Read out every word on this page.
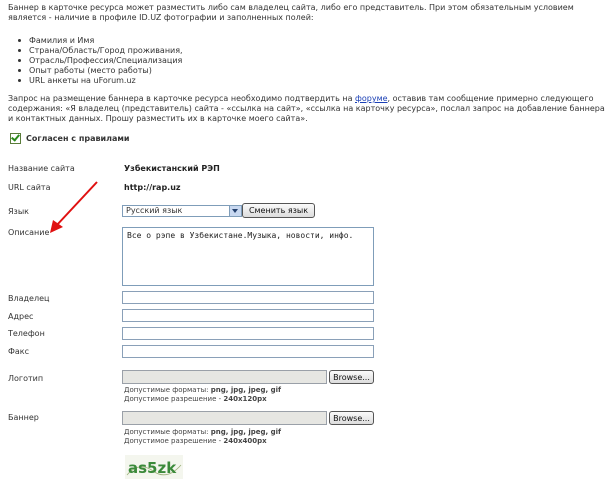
Баннер в карточке ресурса может разместить либо сам владелец сайта, либо его представитель. При этом обязательным условием является - наличие в профиле ID.UZ фотографии и заполненных полей:

Фамилия и Имя
Страна/Область/Город проживания,
Отрасль/Профессия/Специализация
Опыт работы (место работы)
URL анкеты на uForum.uz

Запрос на размещение баннера в карточке ресурса необходимо подтвердить на форуме, оставив там сообщение примерно следующего содержания: «Я владелец (представитель) сайта - «ссылка на сайт», «ссылка на карточку ресурса», послал запрос на добавление баннера и контактных данных. Прошу разместить их в карточке моего сайта».

Согласен с правилами
Название сайта	Узбекистанский РЭП
URL сайта	http://rap.uz
Язык	Русский язык	Сменить язык
Описание
Все о рэпе в Узбекистане.Музыка, новости, инфо.
Владелец
Адрес
Телефон
Факс
Логотип	Browse...
Допустимые форматы: png, jpg, jpeg, gif
Допустимое разрешение - 240x120px
Баннер	Browse...
Допустимые форматы: png, jpg, jpeg, gif
Допустимое разрешение - 240x400px
as5zk
